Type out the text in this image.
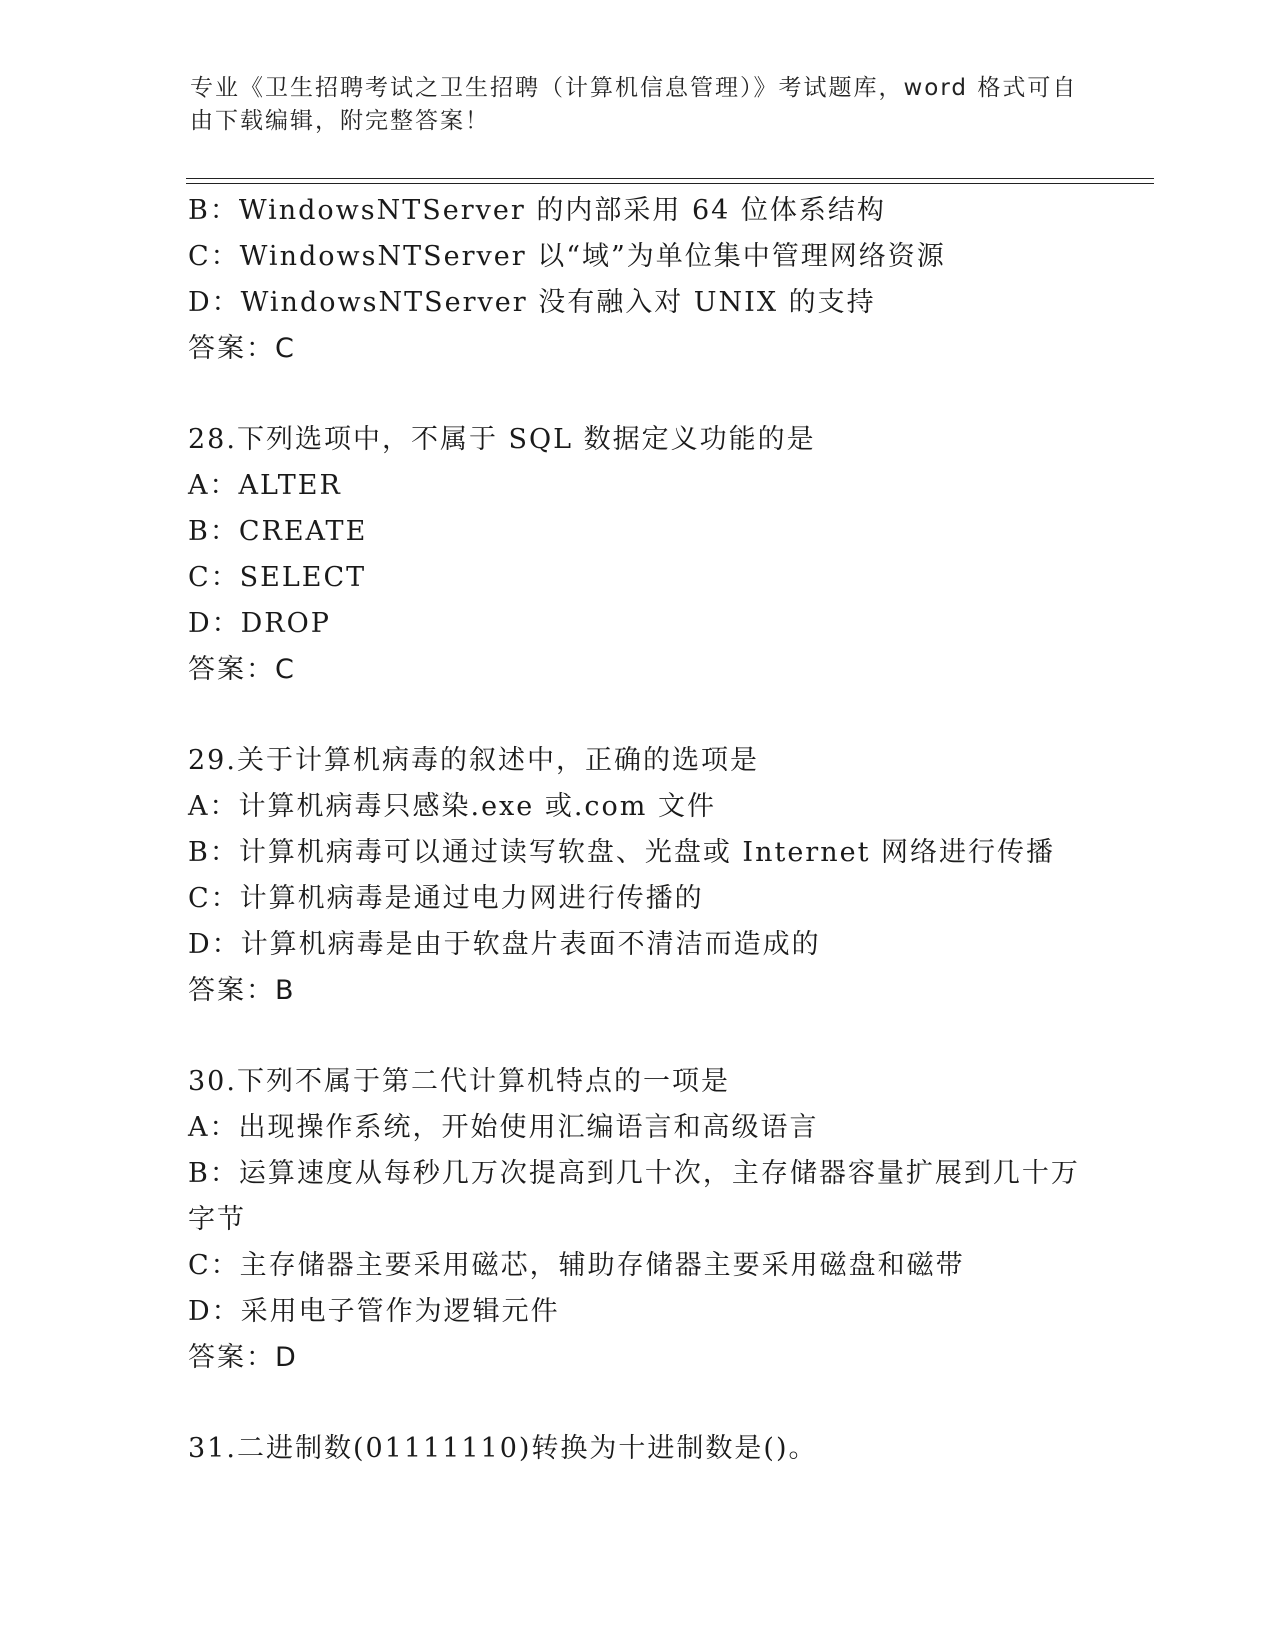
专业《卫生招聘考试之卫生招聘（计算机信息管理）》考试题库，word 格式可自
由下载编辑，附完整答案！
B：WindowsNTServer 的内部采用 64 位体系结构
C：WindowsNTServer 以“域”为单位集中管理网络资源
D：WindowsNTServer 没有融入对 UNIX 的支持
答案：C
28.下列选项中，不属于 SQL 数据定义功能的是
A：ALTER
B：CREATE
C：SELECT
D：DROP
答案：C
29.关于计算机病毒的叙述中，正确的选项是
A：计算机病毒只感染.exe 或.com 文件
B：计算机病毒可以通过读写软盘、光盘或 Internet 网络进行传播
C：计算机病毒是通过电力网进行传播的
D：计算机病毒是由于软盘片表面不清洁而造成的
答案：B
30.下列不属于第二代计算机特点的一项是
A：出现操作系统，开始使用汇编语言和高级语言
B：运算速度从每秒几万次提高到几十次，主存储器容量扩展到几十万
字节
C：主存储器主要采用磁芯，辅助存储器主要采用磁盘和磁带
D：采用电子管作为逻辑元件
答案：D
31.二进制数(01111110)转换为十进制数是()。
